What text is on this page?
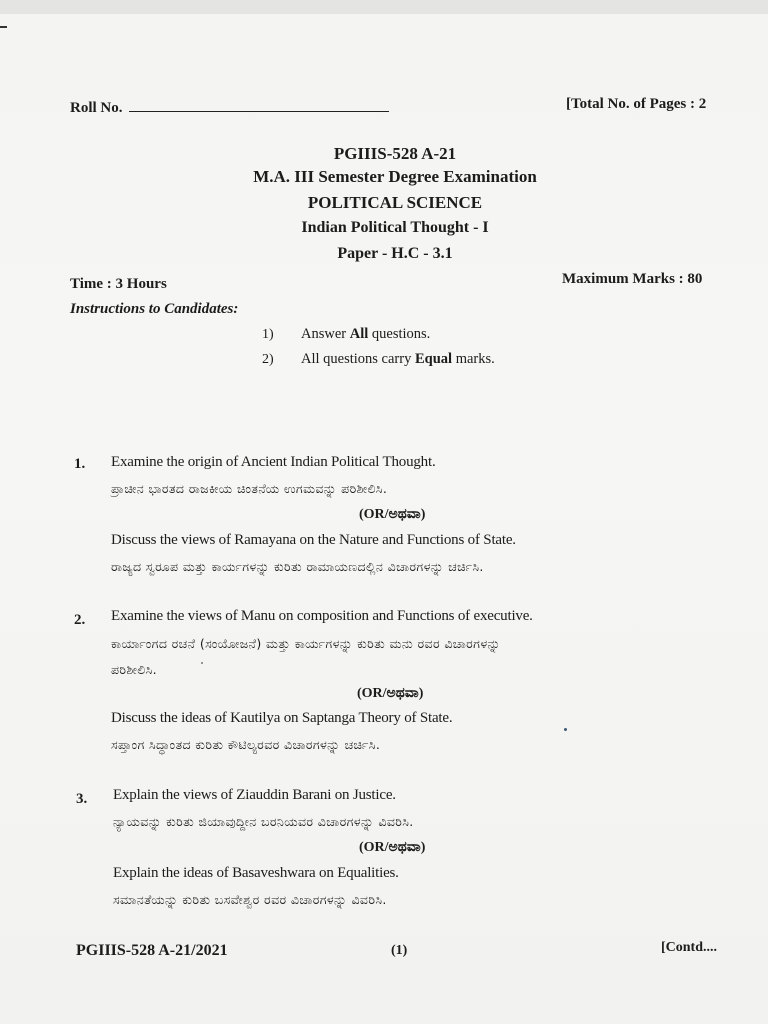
Roll No.	[Total No. of Pages : 2
PGIIIS-528 A-21
M.A. III Semester Degree Examination
POLITICAL SCIENCE
Indian Political Thought - I
Paper - H.C - 3.1
Time : 3 Hours	Maximum Marks : 80
Instructions to Candidates:
1) Answer All questions.
2) All questions carry Equal marks.
1. Examine the origin of Ancient Indian Political Thought.
ಪ್ರಾಚೀನ ಭಾರತದ ರಾಜಕೀಯ ಚಿಂತನೆಯ ಉಗಮವನ್ನು ಪರಿಶೀಲಿಸಿ.
(OR/ಅಥವಾ)
Discuss the views of Ramayana on the Nature and Functions of State.
ರಾಜ್ಯದ ಸ್ವರೂಪ ಮತ್ತು ಕಾರ್ಯಗಳನ್ನು ಕುರಿತು ರಾಮಾಯಣದಲ್ಲಿನ ವಿಚಾರಗಳನ್ನು ಚರ್ಚಿಸಿ.
2. Examine the views of Manu on composition and Functions of executive.
ಕಾರ್ಯಾಂಗದ ರಚನೆ (ಸಂಯೋಜನೆ) ಮತ್ತು ಕಾರ್ಯಗಳನ್ನು ಕುರಿತು ಮನು ರವರ ವಿಚಾರಗಳನ್ನು
ಪರಿಶೀಲಿಸಿ.
(OR/ಅಥವಾ)
Discuss the ideas of Kautilya on Saptanga Theory of State.
ಸಪ್ತಾಂಗ ಸಿದ್ಧಾಂತದ ಕುರಿತು ಕೌಟಿಲ್ಯರವರ ವಿಚಾರಗಳನ್ನು ಚರ್ಚಿಸಿ.
3. Explain the views of Ziauddin Barani on Justice.
ನ್ಯಾಯವನ್ನು ಕುರಿತು ಜಿಯಾವುದ್ದೀನ ಬರನಿಯವರ ವಿಚಾರಗಳನ್ನು ವಿವರಿಸಿ.
(OR/ಅಥವಾ)
Explain the ideas of Basaveshwara on Equalities.
ಸಮಾನತೆಯನ್ನು ಕುರಿತು ಬಸವೇಶ್ವರ ರವರ ವಿಚಾರಗಳನ್ನು ವಿವರಿಸಿ.
PGIIIS-528 A-21/2021	(1)	[Contd....
